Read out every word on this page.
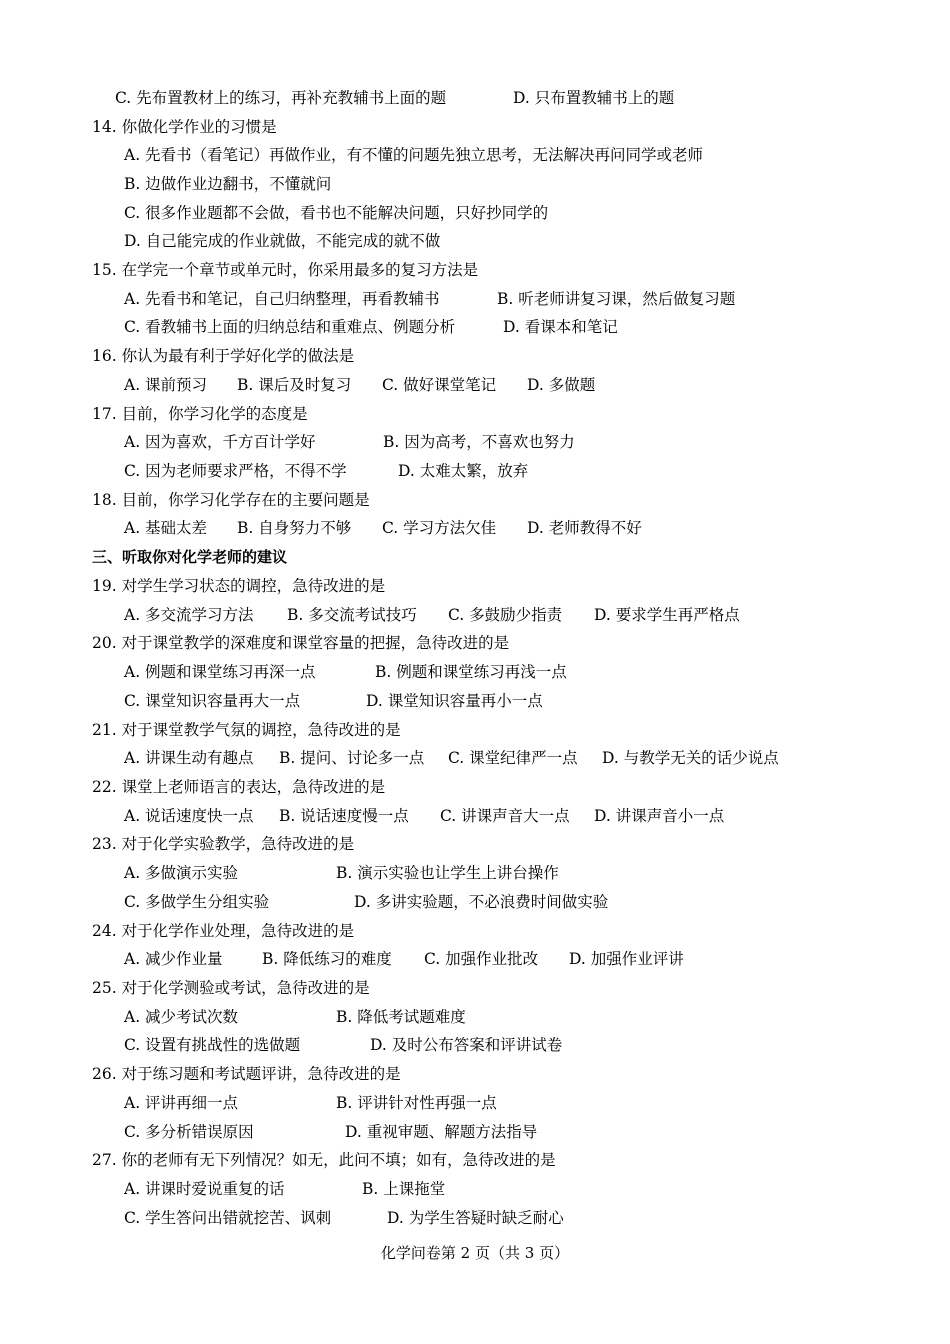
C. 先布置教材上的练习，再补充教辅书上面的题	D. 只布置教辅书上的题
14. 你做化学作业的习惯是
A. 先看书（看笔记）再做作业，有不懂的问题先独立思考，无法解决再问同学或老师
B. 边做作业边翻书，不懂就问
C. 很多作业题都不会做，看书也不能解决问题，只好抄同学的
D. 自己能完成的作业就做，不能完成的就不做
15. 在学完一个章节或单元时，你采用最多的复习方法是
A. 先看书和笔记，自己归纳整理，再看教辅书	B. 听老师讲复习课，然后做复习题
C. 看教辅书上面的归纳总结和重难点、例题分析	D. 看课本和笔记
16. 你认为最有利于学好化学的做法是
A. 课前预习 B. 课后及时复习 C. 做好课堂笔记 D. 多做题
17. 目前，你学习化学的态度是
A. 因为喜欢，千方百计学好	B. 因为高考，不喜欢也努力
C. 因为老师要求严格，不得不学	D. 太难太繁，放弃
18. 目前，你学习化学存在的主要问题是
A. 基础太差 B. 自身努力不够 C. 学习方法欠佳 D. 老师教得不好
三、听取你对化学老师的建议
19. 对学生学习状态的调控，急待改进的是
A. 多交流学习方法 B. 多交流考试技巧 C. 多鼓励少指责 D. 要求学生再严格点
20. 对于课堂教学的深难度和课堂容量的把握，急待改进的是
A. 例题和课堂练习再深一点	B. 例题和课堂练习再浅一点
C. 课堂知识容量再大一点	D. 课堂知识容量再小一点
21. 对于课堂教学气氛的调控，急待改进的是
A. 讲课生动有趣点 B. 提问、讨论多一点 C. 课堂纪律严一点 D. 与教学无关的话少说点
22. 课堂上老师语言的表达，急待改进的是
A. 说话速度快一点 B. 说话速度慢一点 C. 讲课声音大一点 D. 讲课声音小一点
23. 对于化学实验教学，急待改进的是
A. 多做演示实验	B. 演示实验也让学生上讲台操作
C. 多做学生分组实验	D. 多讲实验题，不必浪费时间做实验
24. 对于化学作业处理，急待改进的是
A. 减少作业量	B. 降低练习的难度 C. 加强作业批改 D. 加强作业评讲
25. 对于化学测验或考试，急待改进的是
A. 减少考试次数	B. 降低考试题难度
C. 设置有挑战性的选做题	D. 及时公布答案和评讲试卷
26. 对于练习题和考试题评讲，急待改进的是
A. 评讲再细一点	B. 评讲针对性再强一点
C. 多分析错误原因	D. 重视审题、解题方法指导
27. 你的老师有无下列情况？如无，此问不填；如有，急待改进的是
A. 讲课时爱说重复的话	B. 上课拖堂
C. 学生答问出错就挖苦、讽刺	D. 为学生答疑时缺乏耐心
化学问卷第 2 页（共 3 页）
